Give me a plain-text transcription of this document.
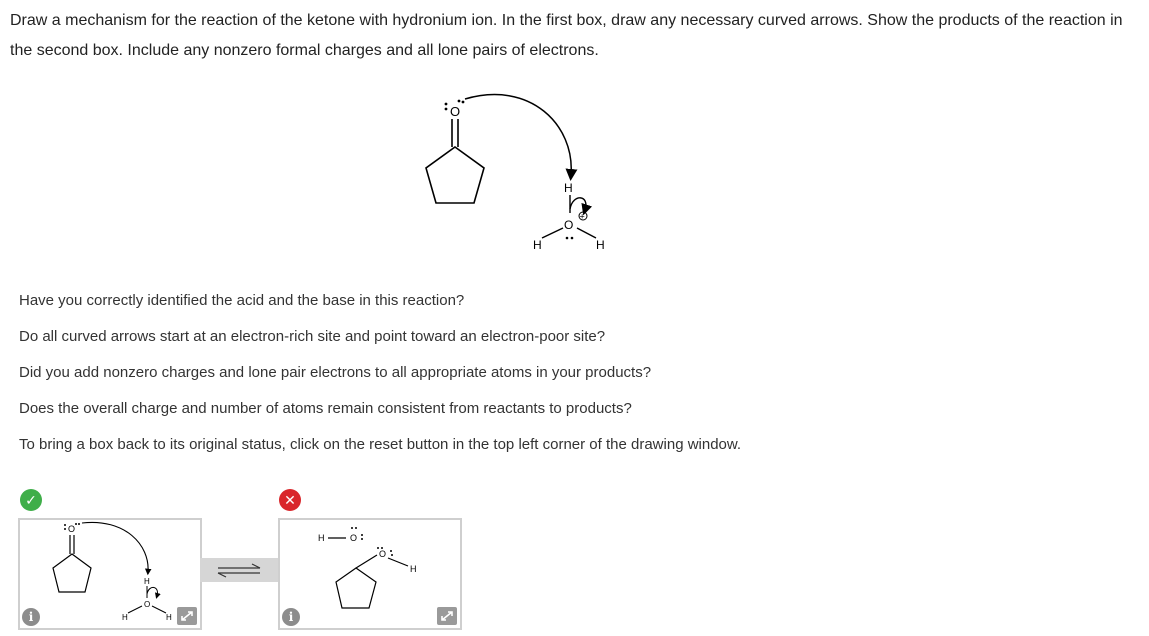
Draw a mechanism for the reaction of the ketone with hydronium ion. In the first box, draw any necessary curved arrows. Show the products of the reaction in the second box. Include any nonzero formal charges and all lone pairs of electrons.
O
H
O
+
H	H
Have you correctly identified the acid and the base in this reaction?
Do all curved arrows start at an electron-rich site and point toward an electron-poor site?
Did you add nonzero charges and lone pair electrons to all appropriate atoms in your products?
Does the overall charge and number of atoms remain consistent from reactants to products?
To bring a box back to its original status, click on the reset button in the top left corner of the drawing window.
✓	✕
O
H
O
H	H
i
H	O
O
H
i
